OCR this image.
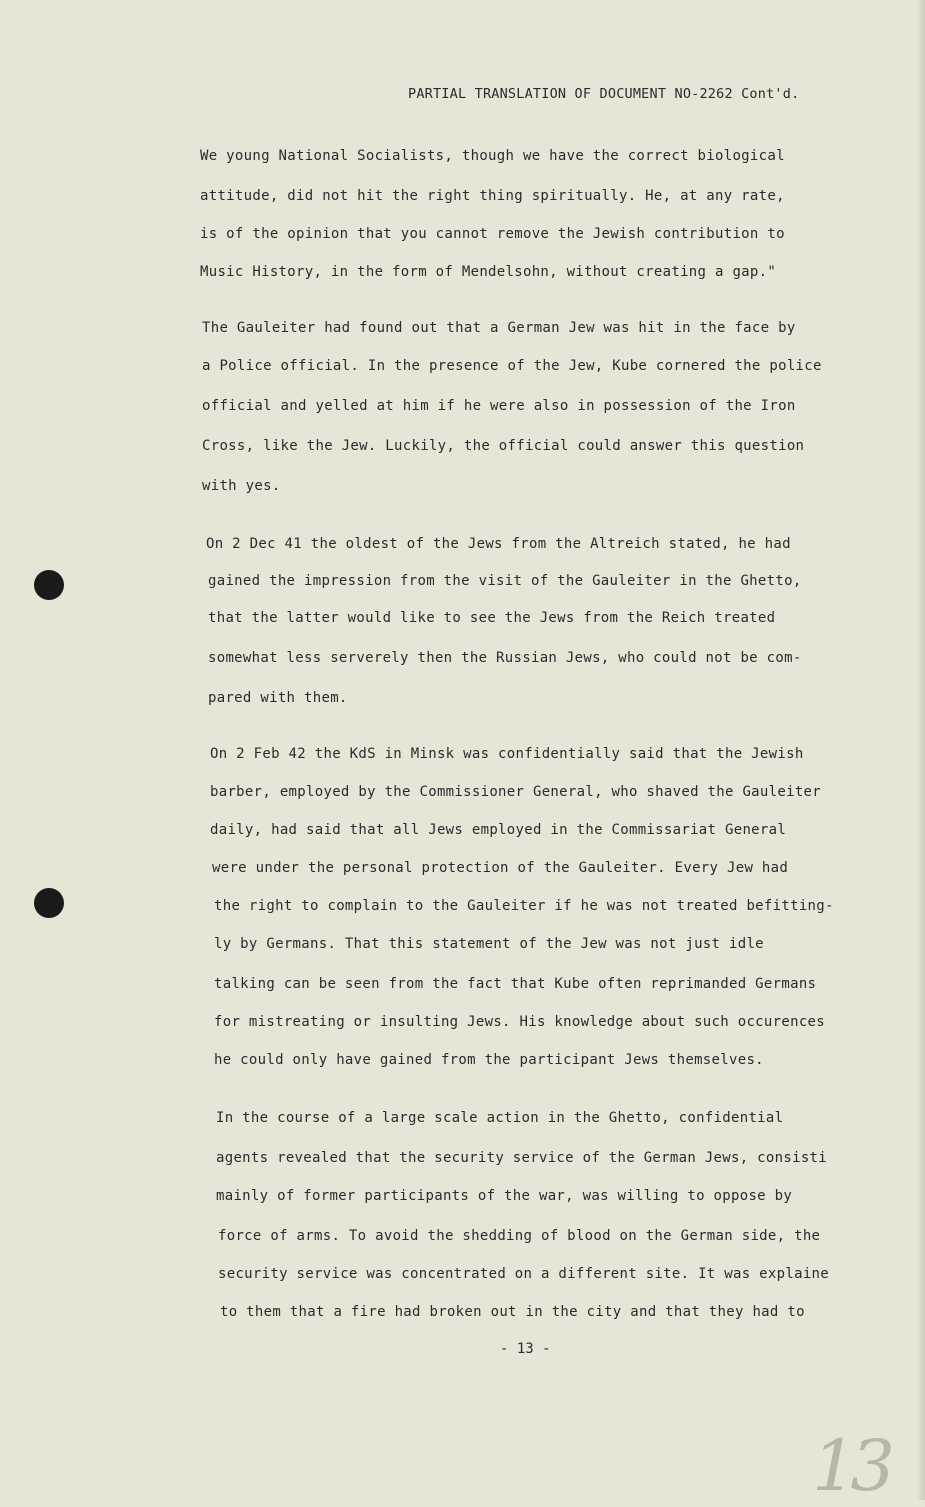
PARTIAL TRANSLATION OF DOCUMENT NO-2262 Cont'd.
We young National Socialists, though we have the correct biological
attitude, did not hit the right thing spiritually. He, at any rate,
is of the opinion that you cannot remove the Jewish contribution to
Music History, in the form of Mendelsohn, without creating a gap."
The Gauleiter had found out that a German Jew was hit in the face by
a Police official. In the presence of the Jew, Kube cornered the police
official and yelled at him if he were also in possession of the Iron
Cross, like the Jew. Luckily, the official could answer this question
with yes.
On 2 Dec 41 the oldest of the Jews from the Altreich stated, he had
gained the impression from the visit of the Gauleiter in the Ghetto,
that the latter would like to see the Jews from the Reich treated
somewhat less serverely then the Russian Jews, who could not be com-
pared with them.
On 2 Feb 42 the KdS in Minsk was confidentially said that the Jewish
barber, employed by the Commissioner General, who shaved the Gauleiter
daily, had said that all Jews employed in the Commissariat General
were under the personal protection of the Gauleiter. Every Jew had
the right to complain to the Gauleiter if he was not treated befitting-
ly by Germans. That this statement of the Jew was not just idle
talking can be seen from the fact that Kube often reprimanded Germans
for mistreating or insulting Jews. His knowledge about such occurences
he could only have gained from the participant Jews themselves.
In the course of a large scale action in the Ghetto, confidential
agents revealed that the security service of the German Jews, consisti
mainly of former participants of the war, was willing to oppose by
force of arms. To avoid the shedding of blood on the German side, the
security service was concentrated on a different site. It was explaine
to them that a fire had broken out in the city and that they had to
- 13 -
13
